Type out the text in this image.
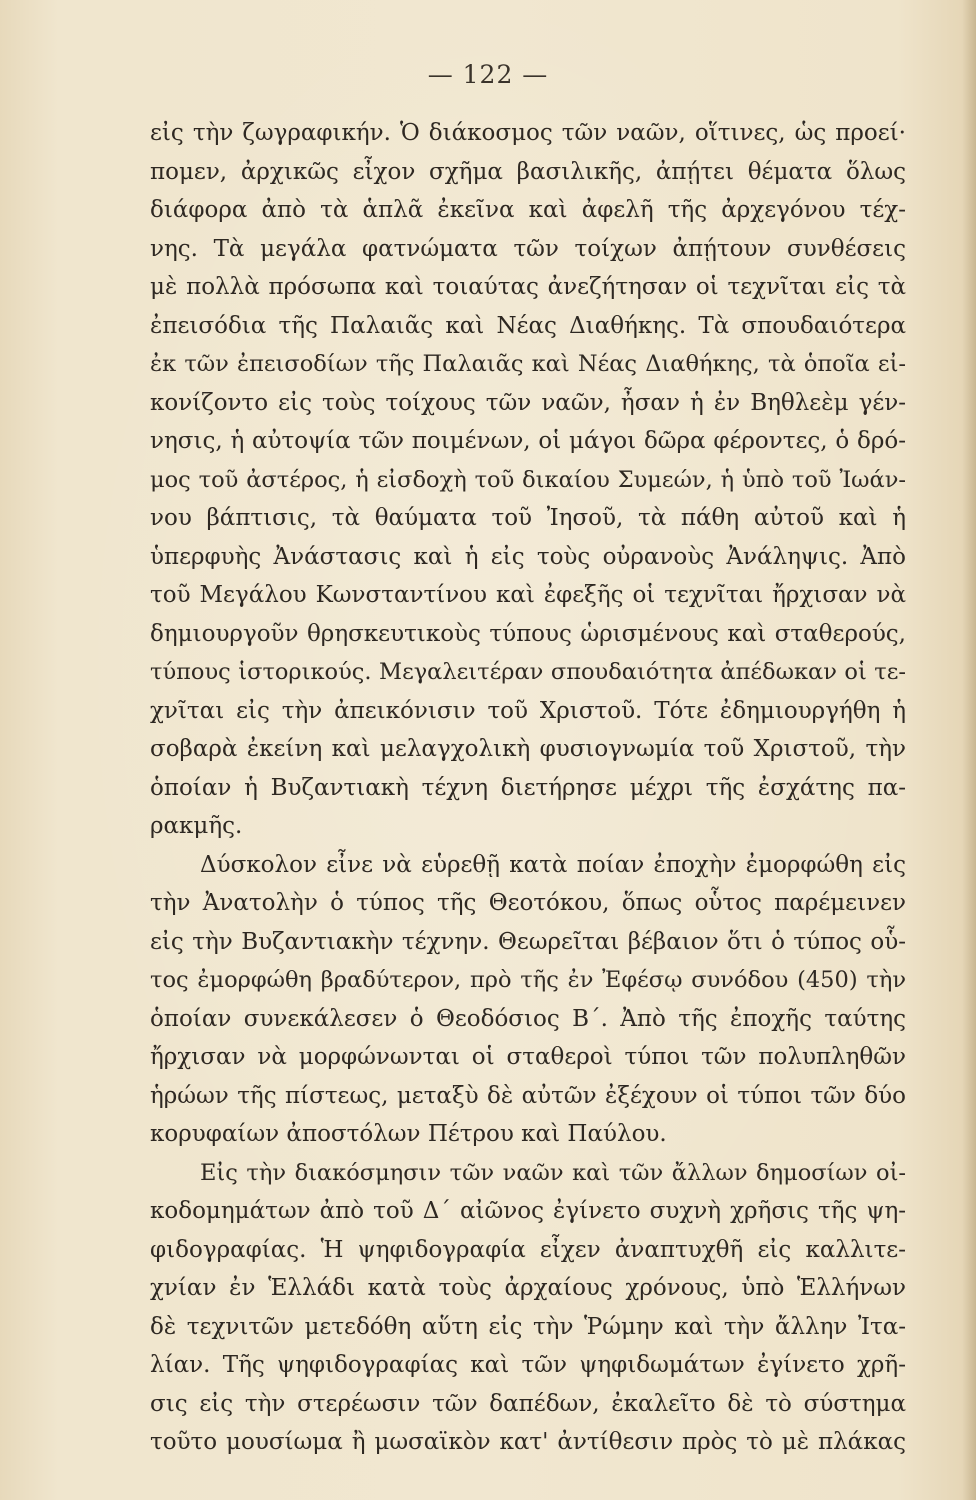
— 122 —
εἰς τὴν ζωγραφικήν. Ὁ διάκοσμος τῶν ναῶν, οἵτινες, ὡς προεί·
πομεν, ἀρχικῶς εἶχον σχῆμα βασιλικῆς, ἀπῄτει θέματα ὅλως
διάφορα ἀπὸ τὰ ἁπλᾶ ἐκεῖνα καὶ ἀφελῆ τῆς ἀρχεγόνου τέχ-
νης. Τὰ μεγάλα φατνώματα τῶν τοίχων ἀπῄτουν συνθέσεις
μὲ πολλὰ πρόσωπα καὶ τοιαύτας ἀνεζήτησαν οἱ τεχνῖται εἰς τὰ
ἐπεισόδια τῆς Παλαιᾶς καὶ Νέας Διαθήκης. Τὰ σπουδαιότερα
ἐκ τῶν ἐπεισοδίων τῆς Παλαιᾶς καὶ Νέας Διαθήκης, τὰ ὁποῖα εἰ-
κονίζοντο εἰς τοὺς τοίχους τῶν ναῶν, ἦσαν ἡ ἐν Βηθλεὲμ γέν-
νησις, ἡ αὐτοψία τῶν ποιμένων, οἱ μάγοι δῶρα φέροντες, ὁ δρό-
μος τοῦ ἀστέρος, ἡ εἰσδοχὴ τοῦ δικαίου Συμεών, ἡ ὑπὸ τοῦ Ἰωάν-
νου βάπτισις, τὰ θαύματα τοῦ Ἰησοῦ, τὰ πάθη αὐτοῦ καὶ ἡ
ὑπερφυὴς Ἀνάστασις καὶ ἡ εἰς τοὺς οὐρανοὺς Ἀνάληψις. Ἀπὸ
τοῦ Μεγάλου Κωνσταντίνου καὶ ἐφεξῆς οἱ τεχνῖται ἤρχισαν νὰ
δημιουργοῦν θρησκευτικοὺς τύπους ὡρισμένους καὶ σταθερούς,
τύπους ἱστορικούς. Μεγαλειτέραν σπουδαιότητα ἀπέδωκαν οἱ τε-
χνῖται εἰς τὴν ἀπεικόνισιν τοῦ Χριστοῦ. Τότε ἐδημιουργήθη ἡ
σοβαρὰ ἐκείνη καὶ μελαγχολικὴ φυσιογνωμία τοῦ Χριστοῦ, τὴν
ὁποίαν ἡ Βυζαντιακὴ τέχνη διετήρησε μέχρι τῆς ἐσχάτης πα-
ρακμῆς.
Δύσκολον εἶνε νὰ εὑρεθῇ κατὰ ποίαν ἐποχὴν ἐμορφώθη εἰς
τὴν Ἀνατολὴν ὁ τύπος τῆς Θεοτόκου, ὅπως οὗτος παρέμεινεν
εἰς τὴν Βυζαντιακὴν τέχνην. Θεωρεῖται βέβαιον ὅτι ὁ τύπος οὗ-
τος ἐμορφώθη βραδύτερον, πρὸ τῆς ἐν Ἐφέσῳ συνόδου (450) τὴν
ὁποίαν συνεκάλεσεν ὁ Θεοδόσιος Β΄. Ἀπὸ τῆς ἐποχῆς ταύτης
ἤρχισαν νὰ μορφώνωνται οἱ σταθεροὶ τύποι τῶν πολυπληθῶν
ἡρώων τῆς πίστεως, μεταξὺ δὲ αὐτῶν ἐξέχουν οἱ τύποι τῶν δύο
κορυφαίων ἀποστόλων Πέτρου καὶ Παύλου.
Εἰς τὴν διακόσμησιν τῶν ναῶν καὶ τῶν ἄλλων δημοσίων οἰ-
κοδομημάτων ἀπὸ τοῦ Δ΄ αἰῶνος ἐγίνετο συχνὴ χρῆσις τῆς ψη-
φιδογραφίας. Ἡ ψηφιδογραφία εἶχεν ἀναπτυχθῆ εἰς καλλιτε-
χνίαν ἐν Ἑλλάδι κατὰ τοὺς ἀρχαίους χρόνους, ὑπὸ Ἑλλήνων
δὲ τεχνιτῶν μετεδόθη αὕτη εἰς τὴν Ῥώμην καὶ τὴν ἄλλην Ἰτα-
λίαν. Τῆς ψηφιδογραφίας καὶ τῶν ψηφιδωμάτων ἐγίνετο χρῆ-
σις εἰς τὴν στερέωσιν τῶν δαπέδων, ἐκαλεῖτο δὲ τὸ σύστημα
τοῦτο μουσίωμα ἢ μωσαϊκὸν κατ' ἀντίθεσιν πρὸς τὸ μὲ πλάκας
